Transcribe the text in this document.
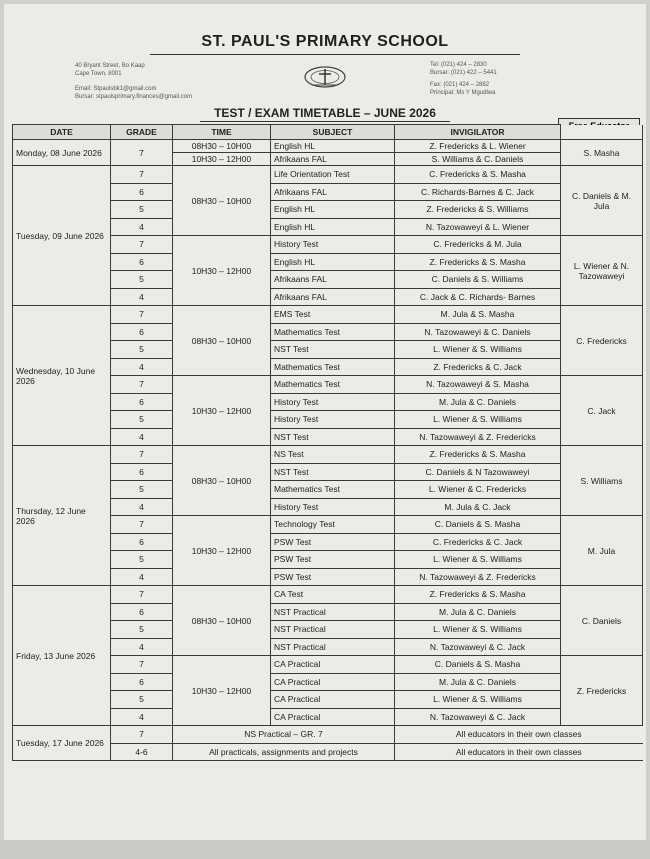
ST. PAUL'S PRIMARY SCHOOL
40 Bryant Street, Bo Kaap
Cape Town, 8001
Email: Stpaulsbk1@gmail.com
Bursar: stpaulsprimary.finances@gmail.com
Tel: (021) 424 – 2830
Bursar: (021) 422 – 5441
Fax: (021) 424 – 2882
Principal: Ms Y Mgudlwa
TEST / EXAM TIMETABLE – JUNE 2026
DATE	GRADE	TIME	SUBJECT	INVIGILATOR	
Monday, 08 June 2026	7	08H30 – 10H00	English HL	Z. Fredericks & L. Wiener	S. Masha
		10H30 – 12H00	Afrikaans FAL	S. Williams & C. Daniels	
Tuesday, 09 June 2026	7	08H30 – 10H00	Life Orientation Test	C. Fredericks & S. Masha	C. Daniels & M. Jula
	6		Afrikaans FAL	C. Richards-Barnes & C. Jack	
	5		English HL	Z. Fredericks & S. Williams	
	4		English HL	N. Tazowaweyi & L. Wiener	
	7	10H30 – 12H00	History Test	C. Fredericks & M. Jula	L. Wiener & N. Tazowaweyi
	6		English HL	Z. Fredericks & S. Masha	
	5		Afrikaans FAL	C. Daniels & S. Williams	
	4		Afrikaans FAL	C. Jack & C. Richards- Barnes	
Wednesday, 10 June 2026	7	08H30 – 10H00	EMS Test	M. Jula & S. Masha	C. Fredericks
	6		Mathematics Test	N. Tazowaweyi & C. Daniels	
	5		NST Test	L. Wiener & S. Williams	
	4		Mathematics Test	Z. Fredericks & C. Jack	
	7	10H30 – 12H00	Mathematics Test	N. Tazowaweyi & S. Masha	C. Jack
	6		History Test	M. Jula & C. Daniels	
	5		History Test	L. Wiener & S. Williams	
	4		NST Test	N. Tazowaweyi & Z. Fredericks	
Thursday, 12 June 2026	7	08H30 – 10H00	NS Test	Z. Fredericks & S. Masha	S. Williams
	6		NST Test	C. Daniels & N Tazowaweyi	
	5		Mathematics Test	L. Wiener & C. Fredericks	
	4		History Test	M. Jula & C. Jack	
	7	10H30 – 12H00	Technology Test	C. Daniels & S. Masha	M. Jula
	6		PSW Test	C. Fredericks & C. Jack	
	5		PSW Test	L. Wiener & S. Williams	
	4		PSW Test	N. Tazowaweyi & Z. Fredericks	
Friday, 13 June 2026	7	08H30 – 10H00	CA Test	Z. Fredericks & S. Masha	C. Daniels
	6		NST Practical	M. Jula & C. Daniels	
	5		NST Practical	L. Wiener & S. Williams	
	4		NST Practical	N. Tazowaweyi & C. Jack	
	7	10H30 – 12H00	CA Practical	C. Daniels & S. Masha	Z. Fredericks
	6		CA Practical	M. Jula & C. Daniels	
	5		CA Practical	L. Wiener & S. Williams	
	4		CA Practical	N. Tazowaweyi & C. Jack	
Tuesday, 17 June 2026	7	NS Practical – GR. 7		All educators in their own classes	
	4-6	All practicals, assignments and projects		All educators in their own classes	
